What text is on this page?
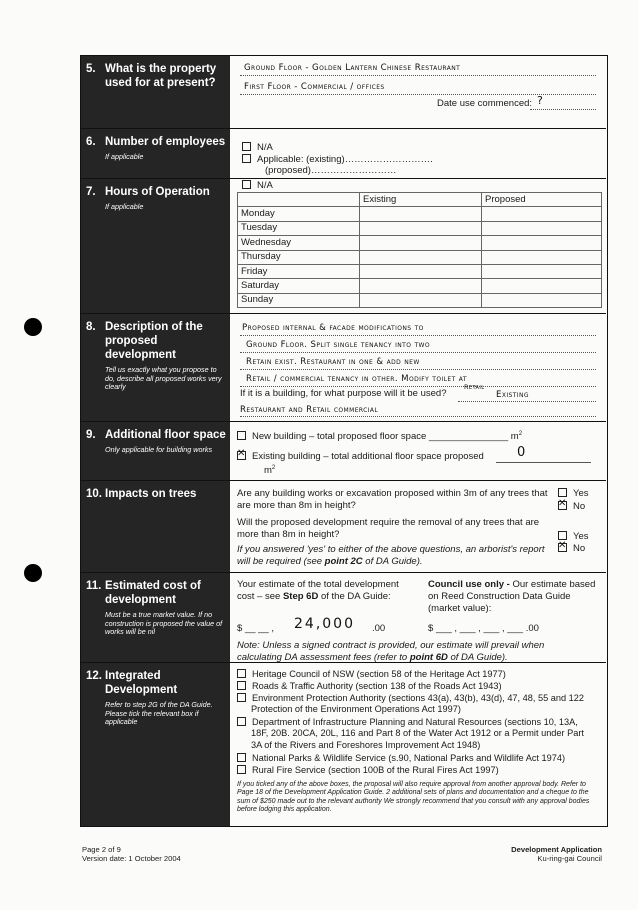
5. What is the property used for at present?
Ground Floor - Golden Lantern Chinese Restaurant
First Floor - Commercial / offices
Date use commenced: ?
6. Number of employees
If applicable
N/A
Applicable: (existing)……………………….
(proposed)………………………
7. Hours of Operation
If applicable
N/A
	Existing	Proposed
Monday		
Tuesday		
Wednesday		
Thursday		
Friday		
Saturday		
Sunday		
8. Description of the proposed development
Tell us exactly what you propose to do, describe all proposed works very clearly
Proposed internal & facade modifications to
Ground Floor. Split single tenancy into two
Retain exist. Restaurant in one & add new
Retail / commercial tenancy in other. Modify toilet at
If it is a building, for what purpose will it be used?
Retail
Existing
Restaurant and Retail commercial
9. Additional floor space
Only applicable for building works
New building – total proposed floor space _______________ $m^2$
✕Existing building – total additional floor space proposed	0
$m^2$
10. Impacts on trees	Are any building works or excavation proposed within 3m of any trees that are more than 8m in height?
Yes
✕No
Will the proposed development require the removal of any trees that are more than 8m in height?	Yes
✕No
If you answered 'yes' to either of the above questions, an arborist's report will be required (see point 2C of DA Guide).
11. Estimated cost of development
Must be a true market value. If no construction is proposed the value of works will be nil
Your estimate of the total development cost – see Step 6D of the DA Guide:
Council use only - Our estimate based on Reed Construction Data Guide (market value):
$ __ __ , 24,000 .00	$ ___ , ___ , ___ , ___ .00
Note: Unless a signed contract is provided, our estimate will prevail when calculating DA assessment fees (refer to point 6D of DA Guide).
12. Integrated Development
Refer to step 2G of the DA Guide. Please tick the relevant box if applicable
Heritage Council of NSW (section 58 of the Heritage Act 1977)
Roads & Traffic Authority (section 138 of the Roads Act 1943)
Environment Protection Authority (sections 43(a), 43(b), 43(d), 47, 48, 55 and 122 Protection of the Environment Operations Act 1997)
Department of Infrastructure Planning and Natural Resources (sections 10, 13A, 18F, 20B. 20CA, 20L, 116 and Part 8 of the Water Act 1912 or a Permit under Part 3A of the Rivers and Foreshores Improvement Act 1948)
National Parks & Wildlife Service (s.90, National Parks and Wildlife Act 1974)
Rural Fire Service (section 100B of the Rural Fires Act 1997)
If you ticked any of the above boxes, the proposal will also require approval from another approval body. Refer to Page 18 of the Development Application Guide. 2 additional sets of plans and documentation and a cheque to the sum of $250 made out to the relevant authority We strongly recommend that you consult with any approval bodies before lodging this application.
Page 2 of 9
Version date: 1 October 2004
Development Application
Ku-ring-gai Council
